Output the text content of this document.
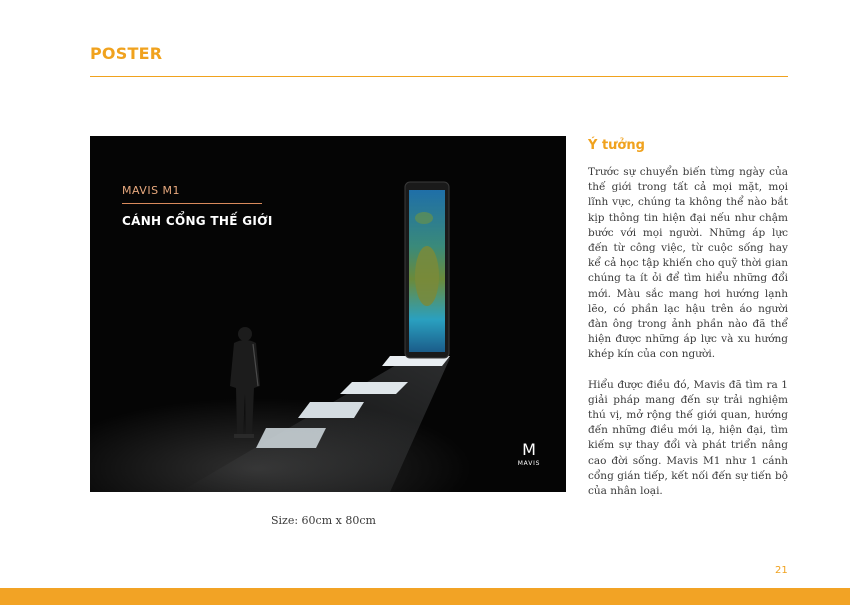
POSTER
MAVIS M1
CÁNH CỔNG THẾ GIỚI
M
MAVIS
Size: 60cm x 80cm
Ý tưởng

Trước sự chuyển biến từng ngày của thế giới trong tất cả mọi mặt, mọi lĩnh vực, chúng ta không thể nào bắt kịp thông tin hiện đại nếu như chậm bước với mọi người. Những áp lực đến từ công việc, từ cuộc sống hay kể cả học tập khiến cho quỹ thời gian chúng ta ít ỏi để tìm hiểu những đổi mới. Màu sắc mang hơi hướng lạnh lẽo, có phần lạc hậu trên áo người đàn ông trong ảnh phần nào đã thể hiện được những áp lực và xu hướng khép kín của con người.

Hiểu được điều đó, Mavis đã tìm ra 1 giải pháp mang đến sự trải nghiệm thú vị, mở rộng thế giới quan, hướng đến những điều mới lạ, hiện đại, tìm kiếm sự thay đổi và phát triển nâng cao đời sống. Mavis M1 như 1 cánh cổng gián tiếp, kết nối đến sự tiến bộ của nhân loại.

21
